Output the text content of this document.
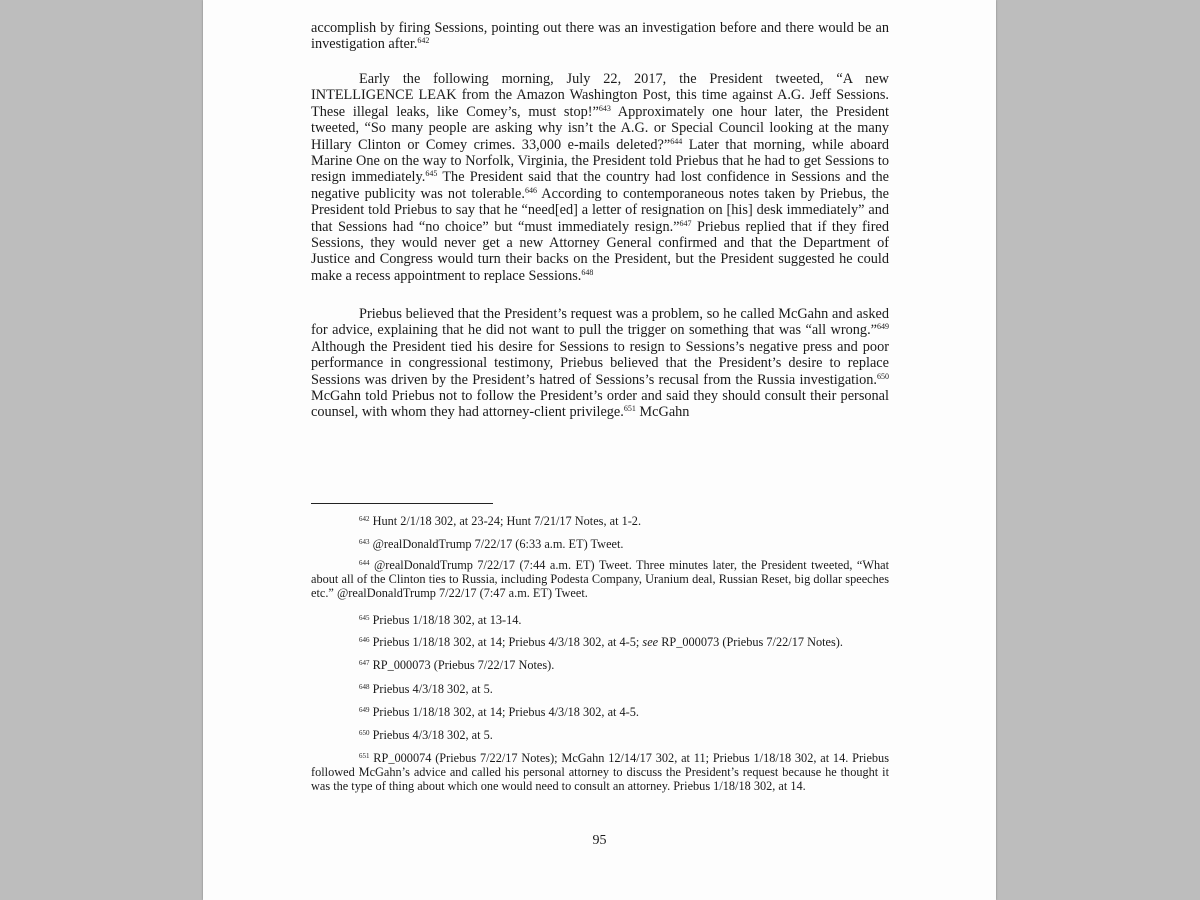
accomplish by firing Sessions, pointing out there was an investigation before and there would be an investigation after.$^{642}$

Early the following morning, July 22, 2017, the President tweeted, “A new INTELLIGENCE LEAK from the Amazon Washington Post, this time against A.G. Jeff Sessions. These illegal leaks, like Comey’s, must stop!”$^{643}$ Approximately one hour later, the President tweeted, “So many people are asking why isn’t the A.G. or Special Council looking at the many Hillary Clinton or Comey crimes. 33,000 e-mails deleted?”$^{644}$ Later that morning, while aboard Marine One on the way to Norfolk, Virginia, the President told Priebus that he had to get Sessions to resign immediately.$^{645}$ The President said that the country had lost confidence in Sessions and the negative publicity was not tolerable.$^{646}$ According to contemporaneous notes taken by Priebus, the President told Priebus to say that he “need[ed] a letter of resignation on [his] desk immediately” and that Sessions had “no choice” but “must immediately resign.”$^{647}$ Priebus replied that if they fired Sessions, they would never get a new Attorney General confirmed and that the Department of Justice and Congress would turn their backs on the President, but the President suggested he could make a recess appointment to replace Sessions.$^{648}$

Priebus believed that the President’s request was a problem, so he called McGahn and asked for advice, explaining that he did not want to pull the trigger on something that was “all wrong.”$^{649}$ Although the President tied his desire for Sessions to resign to Sessions’s negative press and poor performance in congressional testimony, Priebus believed that the President’s desire to replace Sessions was driven by the President’s hatred of Sessions’s recusal from the Russia investigation.$^{650}$ McGahn told Priebus not to follow the President’s order and said they should consult their personal counsel, with whom they had attorney-client privilege.$^{651}$ McGahn

$^{642}$ Hunt 2/1/18 302, at 23-24; Hunt 7/21/17 Notes, at 1-2.

$^{643}$ @realDonaldTrump 7/22/17 (6:33 a.m. ET) Tweet.

$^{644}$ @realDonaldTrump 7/22/17 (7:44 a.m. ET) Tweet. Three minutes later, the President tweeted, “What about all of the Clinton ties to Russia, including Podesta Company, Uranium deal, Russian Reset, big dollar speeches etc.” @realDonaldTrump 7/22/17 (7:47 a.m. ET) Tweet.

$^{645}$ Priebus 1/18/18 302, at 13-14.

$^{646}$ Priebus 1/18/18 302, at 14; Priebus 4/3/18 302, at 4-5; see RP_000073 (Priebus 7/22/17 Notes).

$^{647}$ RP_000073 (Priebus 7/22/17 Notes).

$^{648}$ Priebus 4/3/18 302, at 5.

$^{649}$ Priebus 1/18/18 302, at 14; Priebus 4/3/18 302, at 4-5.

$^{650}$ Priebus 4/3/18 302, at 5.

$^{651}$ RP_000074 (Priebus 7/22/17 Notes); McGahn 12/14/17 302, at 11; Priebus 1/18/18 302, at 14. Priebus followed McGahn’s advice and called his personal attorney to discuss the President’s request because he thought it was the type of thing about which one would need to consult an attorney. Priebus 1/18/18 302, at 14.

95
